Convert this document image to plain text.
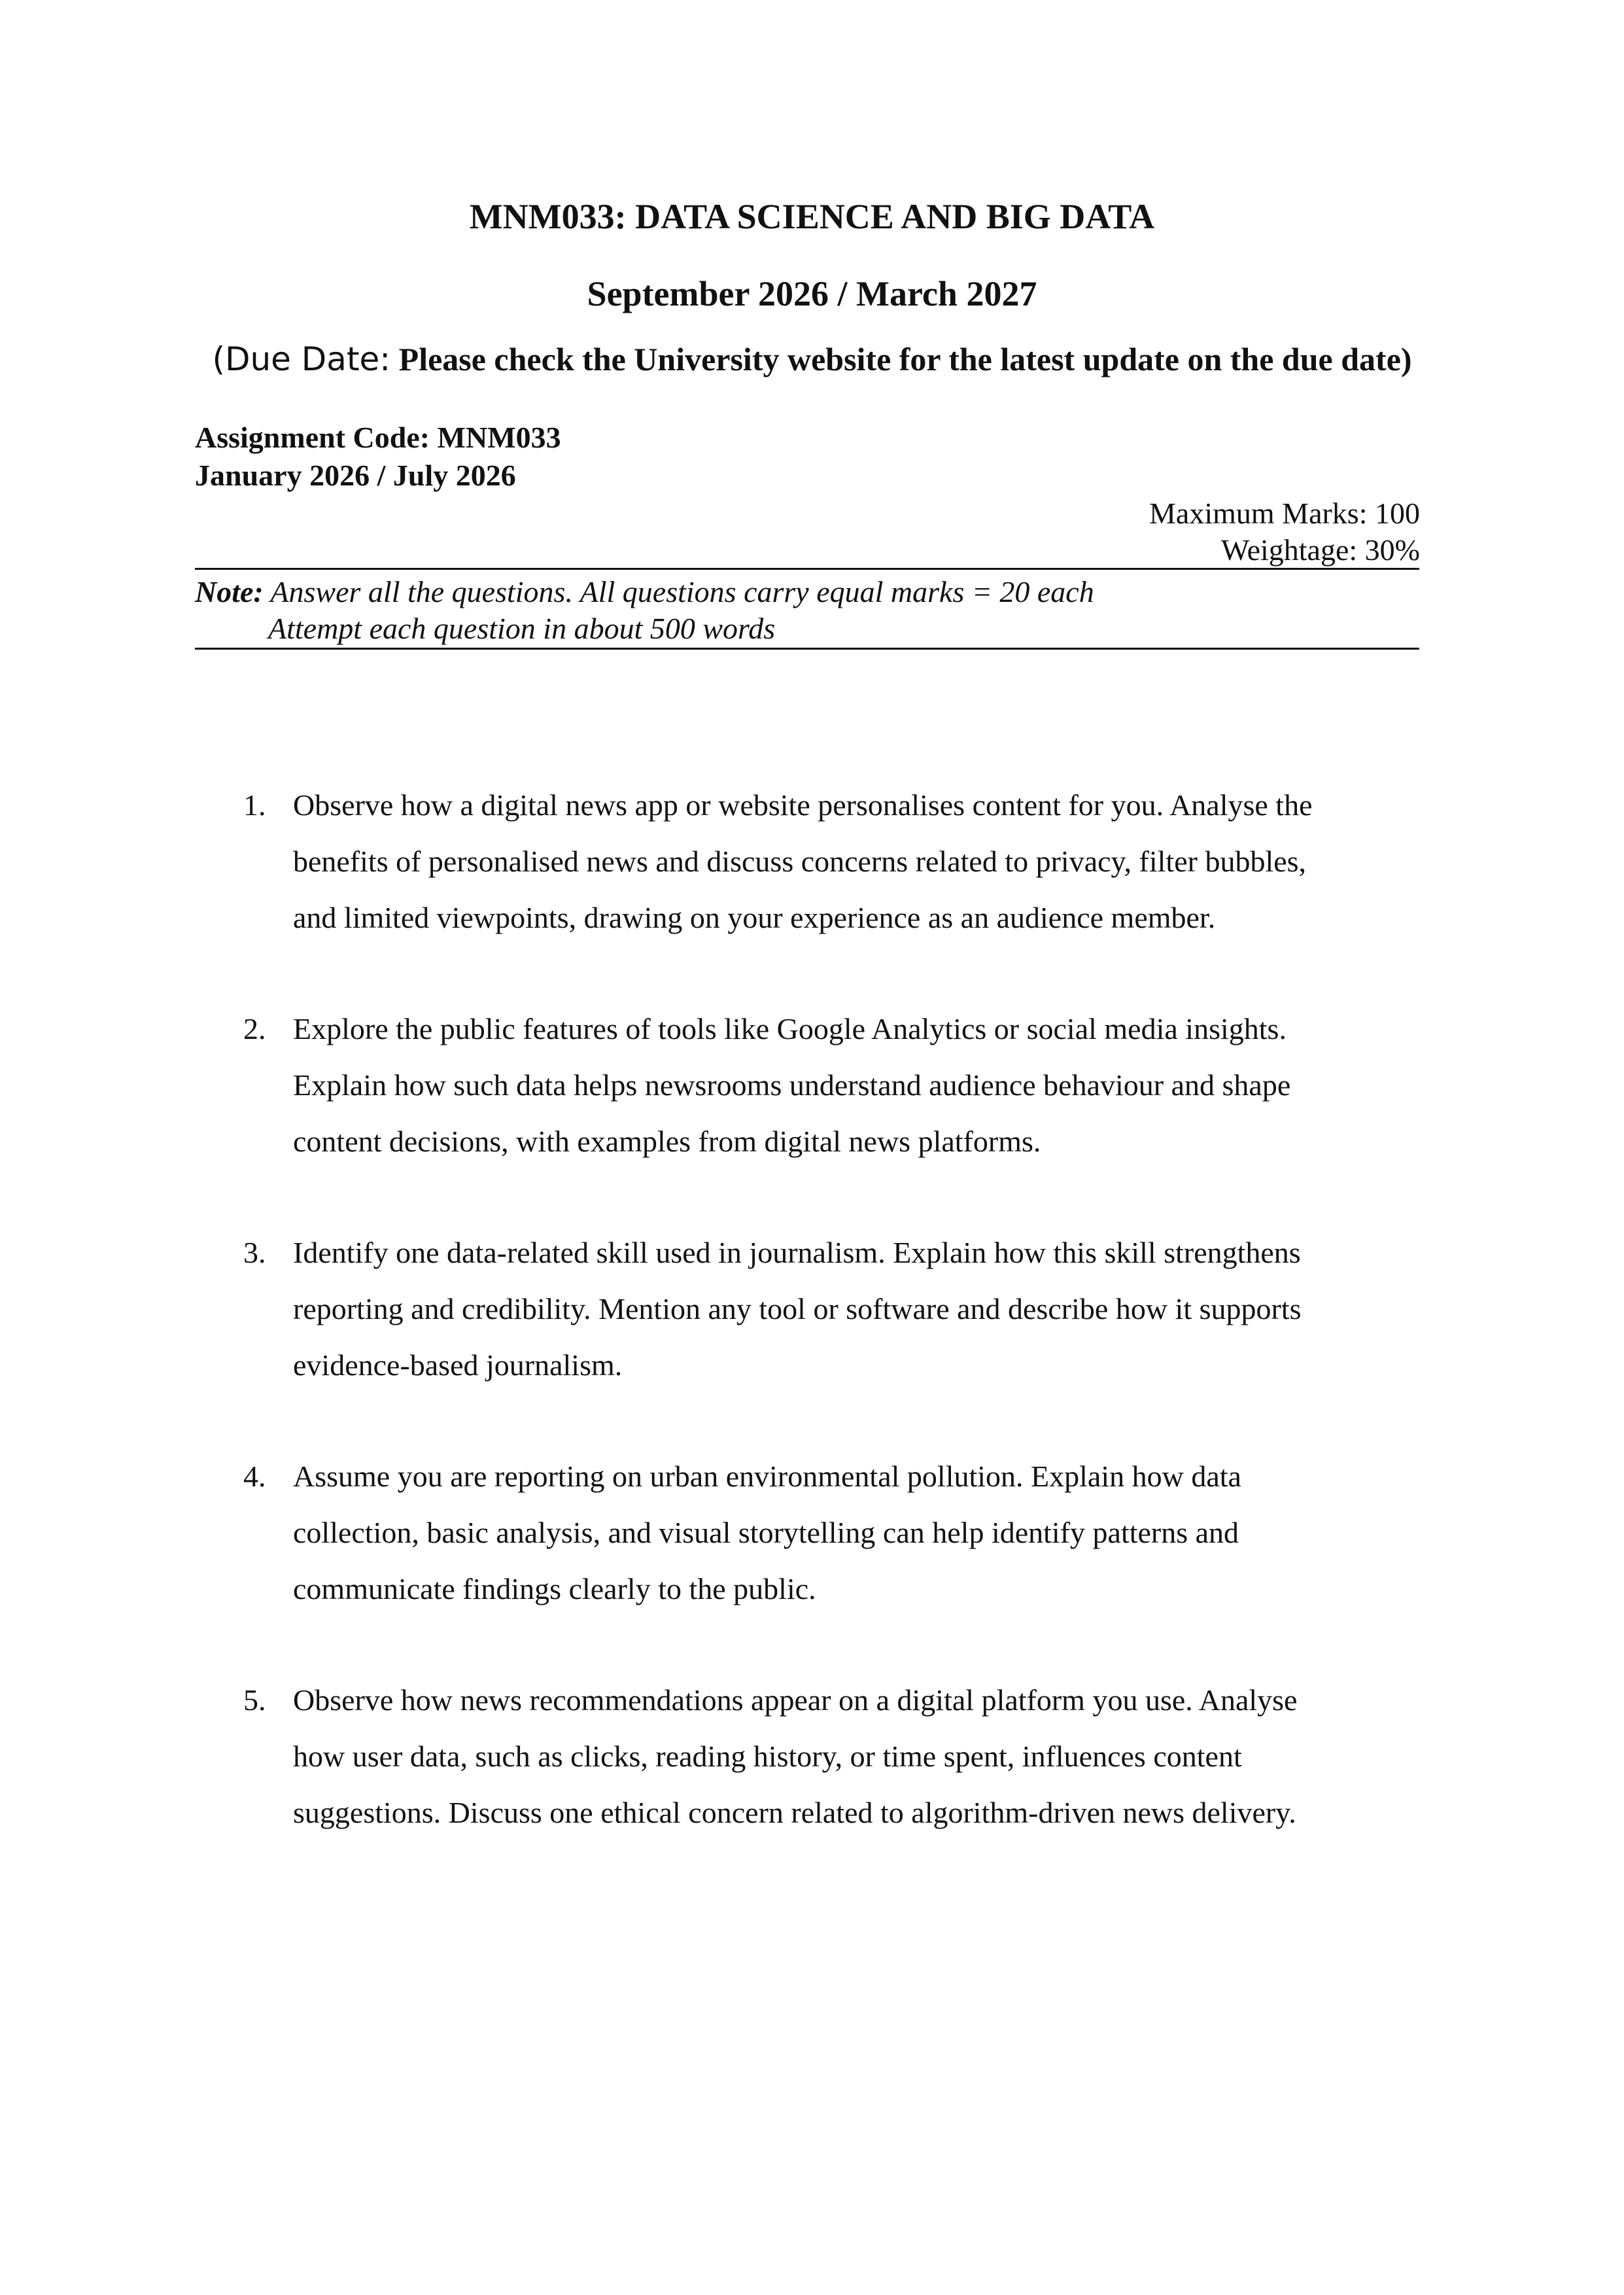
MNM033: DATA SCIENCE AND BIG DATA
September 2026 / March 2027
(Due Date: Please check the University website for the latest update on the due date)
Assignment Code: MNM033
January 2026 / July 2026
Maximum Marks: 100
Weightage: 30%
Note: Answer all the questions. All questions carry equal marks = 20 each
Attempt each question in about 500 words
1. Observe how a digital news app or website personalises content for you. Analyse the
benefits of personalised news and discuss concerns related to privacy, filter bubbles,
and limited viewpoints, drawing on your experience as an audience member.
2. Explore the public features of tools like Google Analytics or social media insights.
Explain how such data helps newsrooms understand audience behaviour and shape
content decisions, with examples from digital news platforms.
3. Identify one data-related skill used in journalism. Explain how this skill strengthens
reporting and credibility. Mention any tool or software and describe how it supports
evidence-based journalism.
4. Assume you are reporting on urban environmental pollution. Explain how data
collection, basic analysis, and visual storytelling can help identify patterns and
communicate findings clearly to the public.
5. Observe how news recommendations appear on a digital platform you use. Analyse
how user data, such as clicks, reading history, or time spent, influences content
suggestions. Discuss one ethical concern related to algorithm-driven news delivery.
